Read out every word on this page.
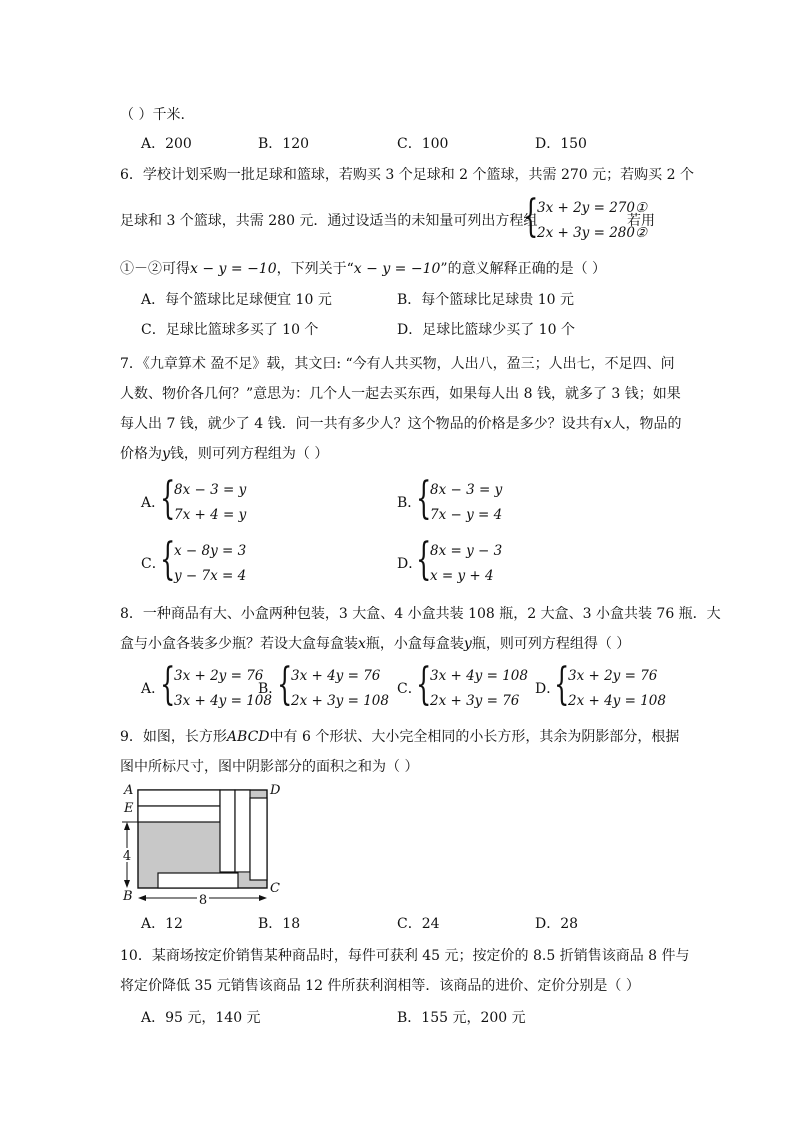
（ ）千米.
A．200	B．120	C．100	D．150
6．学校计划采购一批足球和篮球，若购买 3 个足球和 2 个篮球，共需 270 元；若购买 2 个
足球和 3 个篮球，共需 280 元．通过设适当的未知量可列出方程组
{
3x + 2y = 270①
2x + 3y = 280②
若用
①－②可得x − y = −10，下列关于“x − y = −10”的意义解释正确的是（ ）
A．每个篮球比足球便宜 10 元	B．每个篮球比足球贵 10 元
C．足球比篮球多买了 10 个	D．足球比篮球少买了 10 个
7．《九章算术 盈不足》载，其文曰: “今有人共买物，人出八，盈三；人出七，不足四、问
人数、物价各几何？”意思为：几个人一起去买东西，如果每人出 8 钱，就多了 3 钱；如果
每人出 7 钱，就少了 4 钱．问一共有多少人？这个物品的价格是多少？设共有x人，物品的
价格为y钱，则可列方程组为（ ）
A．
{
8x − 3 = y
7x + 4 = y
B．
{
8x − 3 = y
7x − y = 4
C．
{
x − 8y = 3
y − 7x = 4
D．
{
8x = y − 3
x = y + 4
8．一种商品有大、小盒两种包装，3 大盒、4 小盒共装 108 瓶，2 大盒、3 小盒共装 76 瓶．大
盒与小盒各装多少瓶？若设大盒每盒装x瓶，小盒每盒装y瓶，则可列方程组得（ ）
A．
{
3x + 2y = 76
3x + 4y = 108
B．
{
3x + 4y = 76
2x + 3y = 108
C．
{
3x + 4y = 108
2x + 3y = 76
D．
{
3x + 2y = 76
2x + 4y = 108
9．如图，长方形ABCD中有 6 个形状、大小完全相同的小长方形，其余为阴影部分，根据
图中所标尺寸，图中阴影部分的面积之和为（ ）
4
8
A
E
B
D
C
A．12	B．18	C．24	D．28
10．某商场按定价销售某种商品时，每件可获利 45 元；按定价的 8.5 折销售该商品 8 件与
将定价降低 35 元销售该商品 12 件所获利润相等．该商品的进价、定价分别是（ ）
A．95 元，140 元	B．155 元，200 元
